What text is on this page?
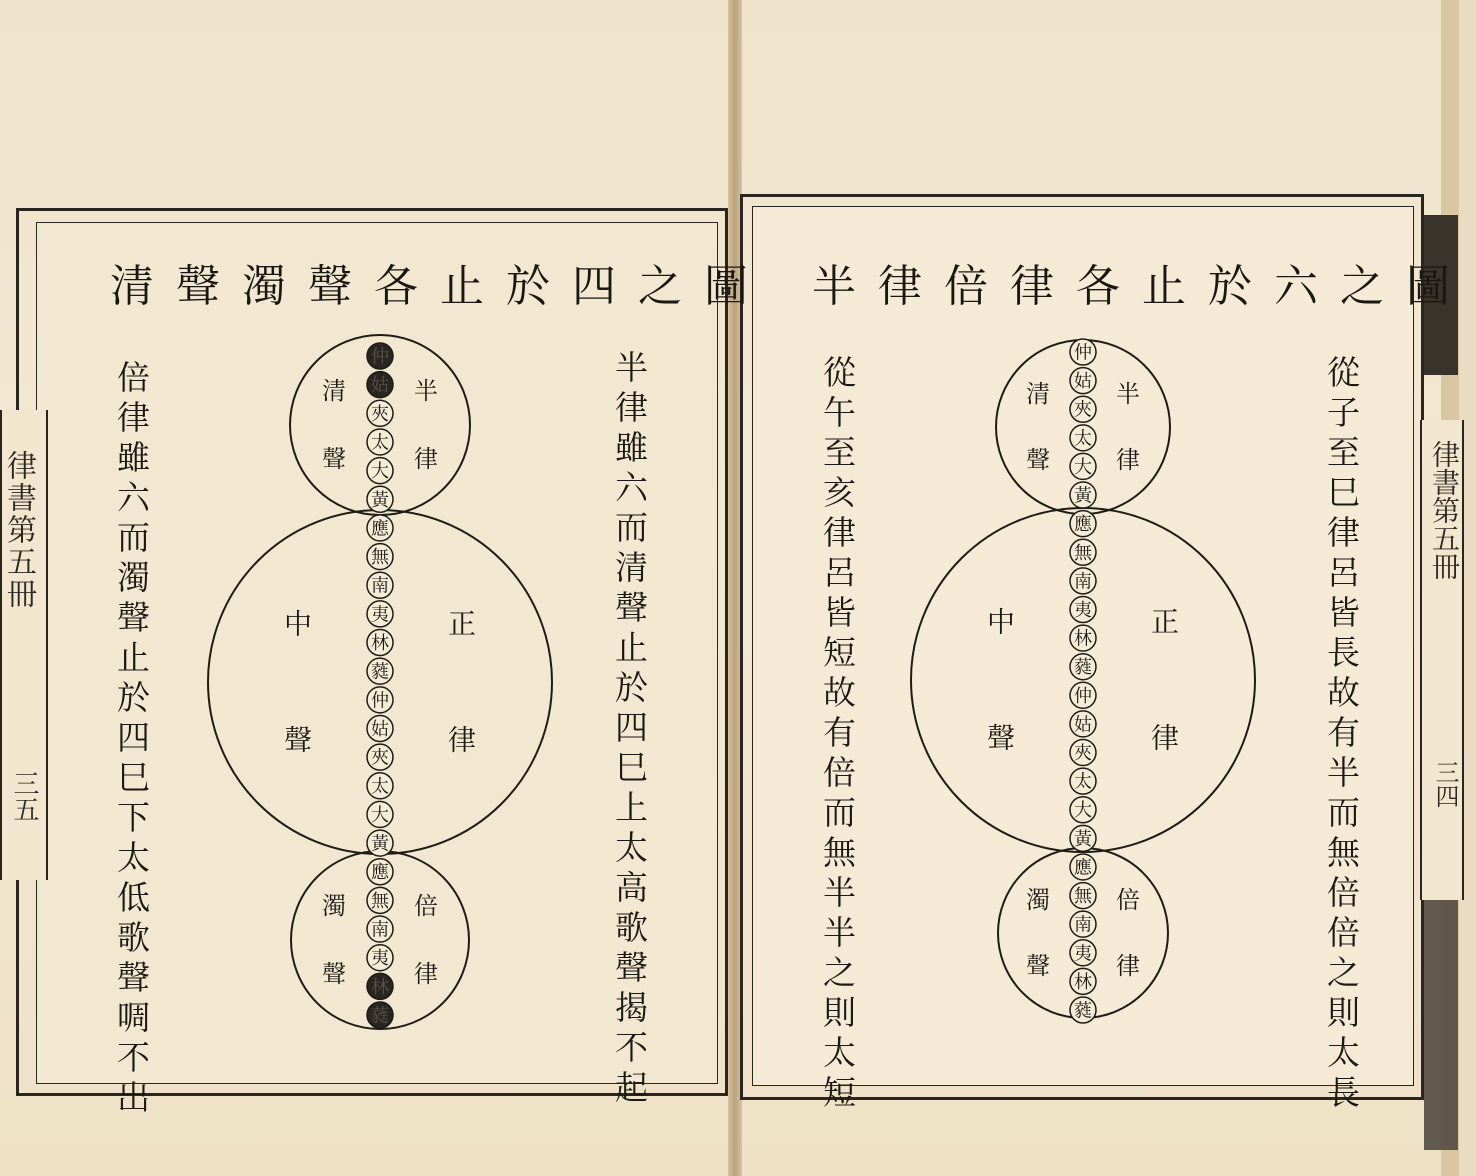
律書第五冊
三五
律書第五冊
三四
清聲濁聲各止於四之圖
半律雖六而清聲止於四巳上太高歌聲揭不起
倍律雖六而濁聲止於四巳下太低歌聲啁不出
半律倍律各止於六之圖
從子至巳律呂皆長故有半而無倍倍之則太長
從午至亥律呂皆短故有倍而無半半之則太短
半
律
清
聲
正
律
中
聲
倍
律
濁
聲
仲
姑
夾
太
大
黃
應
無
南
夷
林
蕤
仲
姑
夾
太
大
黃
應
無
南
夷
林
蕤
半
律
清
聲
正
律
中
聲
倍
律
濁
聲
仲
姑
夾
太
大
黃
應
無
南
夷
林
蕤
仲
姑
夾
太
大
黃
應
無
南
夷
林
蕤
